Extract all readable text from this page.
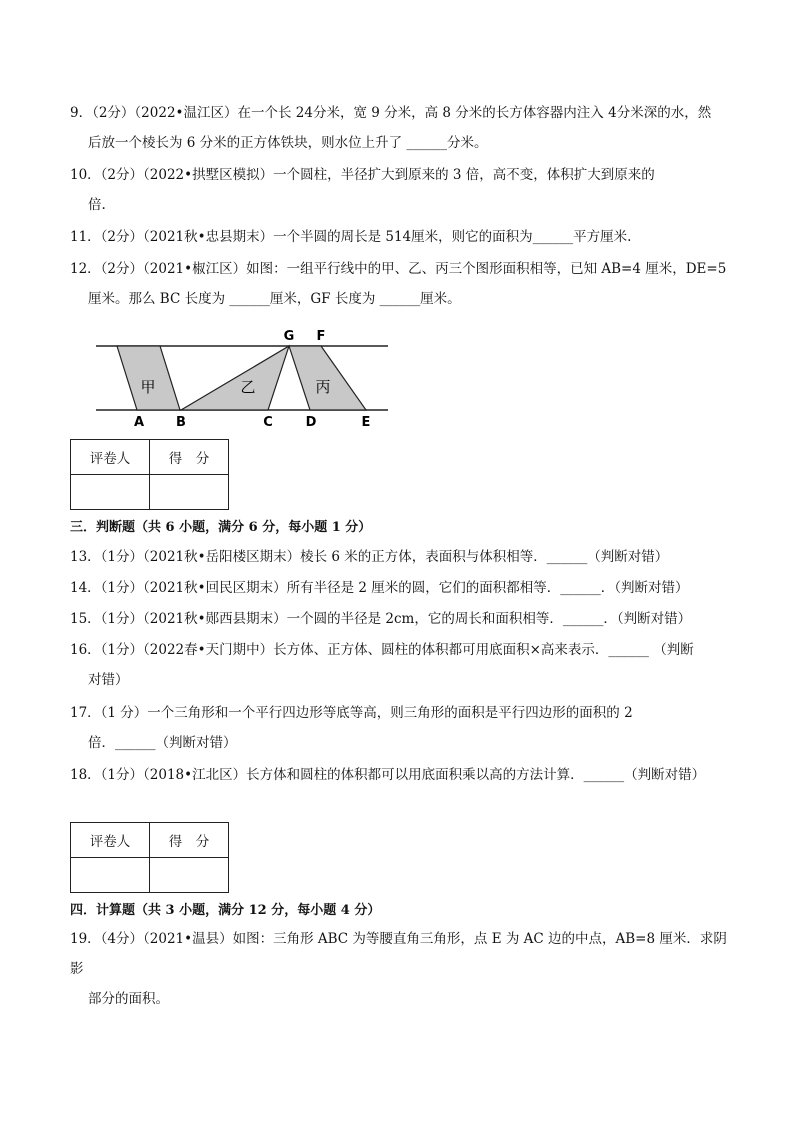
9．（2分）（2022•温江区）在一个长 24分米，宽 9 分米，高 8 分米的长方体容器内注入 4分米深的水，然
后放一个棱长为 6 分米的正方体铁块，则水位上升了 ______分米。

10．（2分）（2022•拱墅区模拟）一个圆柱，半径扩大到原来的 3 倍，高不变，体积扩大到原来的
倍.

11．（2分）（2021秋•忠县期末）一个半圆的周长是 514厘米，则它的面积为______平方厘米.

12．（2分）（2021•椒江区）如图：一组平行线中的甲、乙、丙三个图形面积相等，已知 AB=4 厘米，DE=5
厘米。那么 BC 长度为 ______厘米，GF 长度为 ______厘米。

甲	乙	丙
G F
A B	C	D	E
评卷人	得　分

三．判断题（共 6 小题，满分 6 分，每小题 1 分）

13．（1分）（2021秋•岳阳楼区期末）棱长 6 米的正方体，表面积与体积相等．______（判断对错）

14．（1分）（2021秋•回民区期末）所有半径是 2 厘米的圆，它们的面积都相等．______．（判断对错）

15．（1分）（2021秋•郧西县期末）一个圆的半径是 2cm，它的周长和面积相等．______．（判断对错）

16．（1分）（2022春•天门期中）长方体、正方体、圆柱的体积都可用底面积×高来表示．______ （判断
对错）

17．（1 分）一个三角形和一个平行四边形等底等高，则三角形的面积是平行四边形的面积的 2
倍．______（判断对错）

18．（1分）（2018•江北区）长方体和圆柱的体积都可以用底面积乘以高的方法计算．______（判断对错）

评卷人	得　分

四．计算题（共 3 小题，满分 12 分，每小题 4 分）

19．（4分）（2021•温县）如图：三角形 ABC 为等腰直角三角形，点 E 为 AC 边的中点，AB=8 厘米．求阴影
部分的面积。
